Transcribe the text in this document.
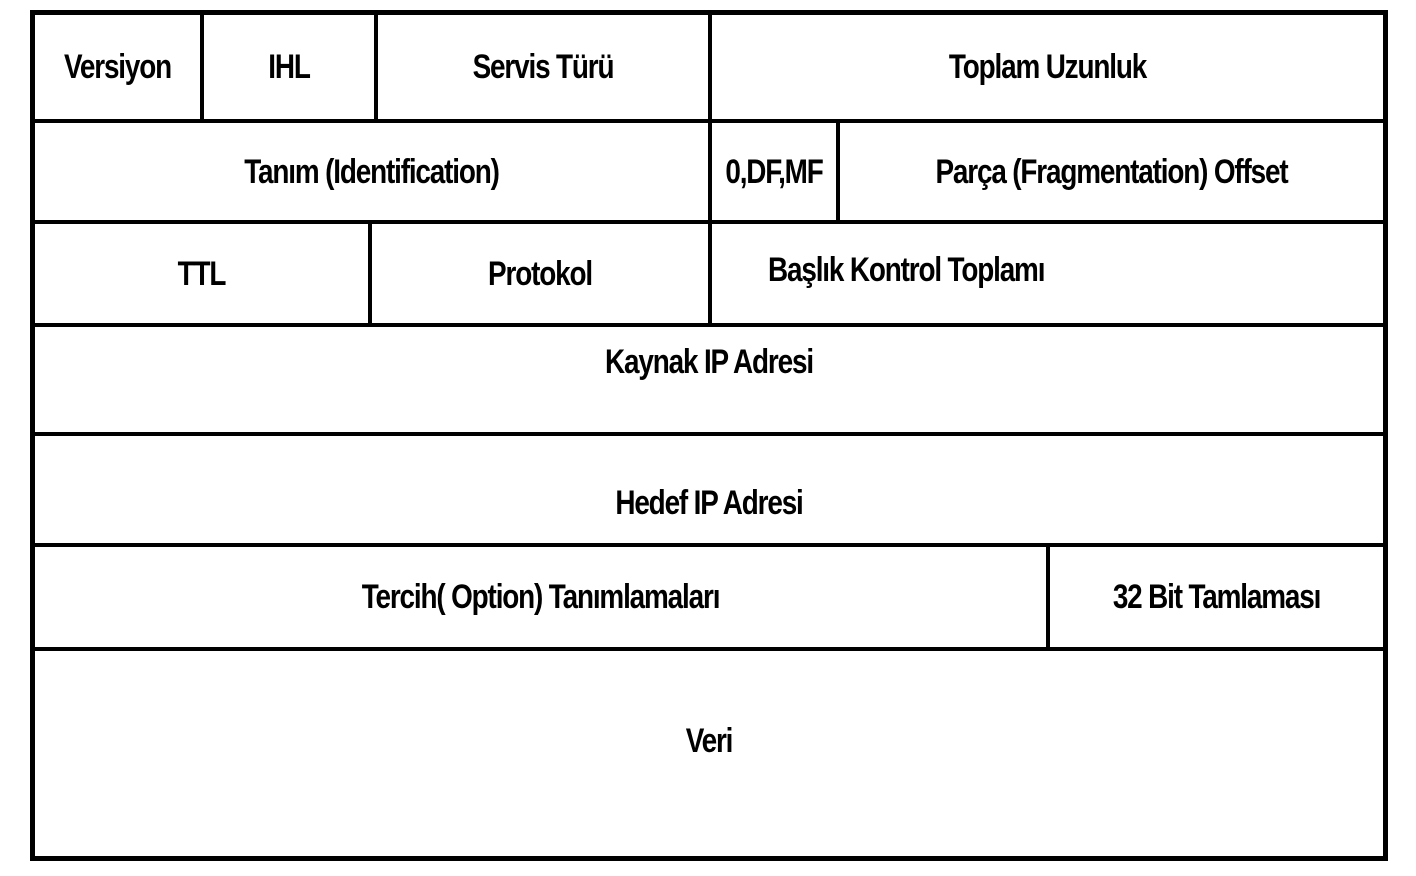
Versiyon	IHL	Servis Türü	Toplam Uzunluk
Tanım (Identification)	0,DF,MF	Parça (Fragmentation) Offset
TTL	Protokol	Başlık Kontrol Toplamı
Kaynak IP Adresi
Hedef IP Adresi
Tercih( Option) Tanımlamaları	32 Bit Tamlaması
Veri
